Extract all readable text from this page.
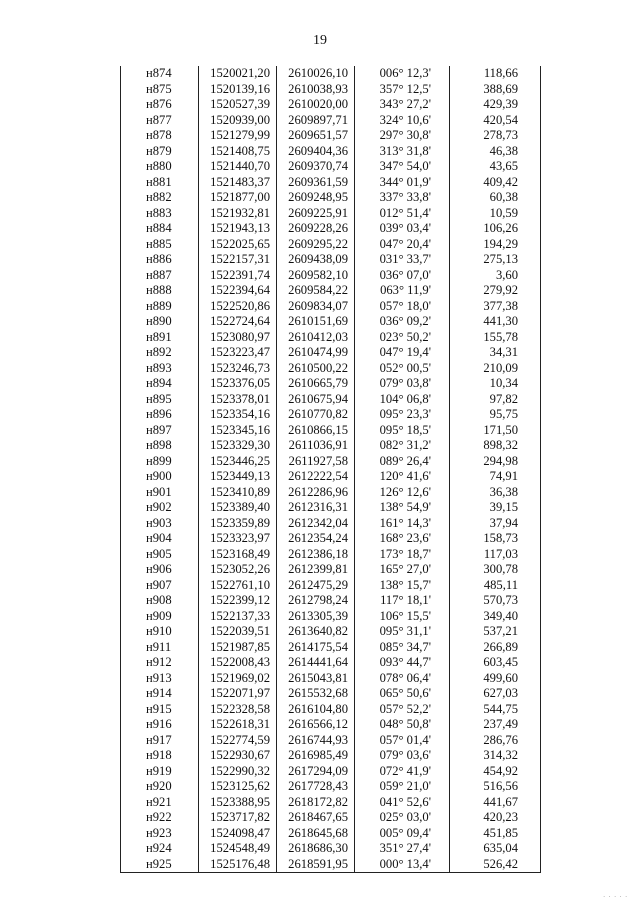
19
н874	1520021,20	2610026,10	006° 12,3'	118,66
н875	1520139,16	2610038,93	357° 12,5'	388,69
н876	1520527,39	2610020,00	343° 27,2'	429,39
н877	1520939,00	2609897,71	324° 10,6'	420,54
н878	1521279,99	2609651,57	297° 30,8'	278,73
н879	1521408,75	2609404,36	313° 31,8'	46,38
н880	1521440,70	2609370,74	347° 54,0'	43,65
н881	1521483,37	2609361,59	344° 01,9'	409,42
н882	1521877,00	2609248,95	337° 33,8'	60,38
н883	1521932,81	2609225,91	012° 51,4'	10,59
н884	1521943,13	2609228,26	039° 03,4'	106,26
н885	1522025,65	2609295,22	047° 20,4'	194,29
н886	1522157,31	2609438,09	031° 33,7'	275,13
н887	1522391,74	2609582,10	036° 07,0'	3,60
н888	1522394,64	2609584,22	063° 11,9'	279,92
н889	1522520,86	2609834,07	057° 18,0'	377,38
н890	1522724,64	2610151,69	036° 09,2'	441,30
н891	1523080,97	2610412,03	023° 50,2'	155,78
н892	1523223,47	2610474,99	047° 19,4'	34,31
н893	1523246,73	2610500,22	052° 00,5'	210,09
н894	1523376,05	2610665,79	079° 03,8'	10,34
н895	1523378,01	2610675,94	104° 06,8'	97,82
н896	1523354,16	2610770,82	095° 23,3'	95,75
н897	1523345,16	2610866,15	095° 18,5'	171,50
н898	1523329,30	2611036,91	082° 31,2'	898,32
н899	1523446,25	2611927,58	089° 26,4'	294,98
н900	1523449,13	2612222,54	120° 41,6'	74,91
н901	1523410,89	2612286,96	126° 12,6'	36,38
н902	1523389,40	2612316,31	138° 54,9'	39,15
н903	1523359,89	2612342,04	161° 14,3'	37,94
н904	1523323,97	2612354,24	168° 23,6'	158,73
н905	1523168,49	2612386,18	173° 18,7'	117,03
н906	1523052,26	2612399,81	165° 27,0'	300,78
н907	1522761,10	2612475,29	138° 15,7'	485,11
н908	1522399,12	2612798,24	117° 18,1'	570,73
н909	1522137,33	2613305,39	106° 15,5'	349,40
н910	1522039,51	2613640,82	095° 31,1'	537,21
н911	1521987,85	2614175,54	085° 34,7'	266,89
н912	1522008,43	2614441,64	093° 44,7'	603,45
н913	1521969,02	2615043,81	078° 06,4'	499,60
н914	1522071,97	2615532,68	065° 50,6'	627,03
н915	1522328,58	2616104,80	057° 52,2'	544,75
н916	1522618,31	2616566,12	048° 50,8'	237,49
н917	1522774,59	2616744,93	057° 01,4'	286,76
н918	1522930,67	2616985,49	079° 03,6'	314,32
н919	1522990,32	2617294,09	072° 41,9'	454,92
н920	1523125,62	2617728,43	059° 21,0'	516,56
н921	1523388,95	2618172,82	041° 52,6'	441,67
н922	1523717,82	2618467,65	025° 03,0'	420,23
н923	1524098,47	2618645,68	005° 09,4'	451,85
н924	1524548,49	2618686,30	351° 27,4'	635,04
н925	1525176,48	2618591,95	000° 13,4'	526,42
. . . . .
